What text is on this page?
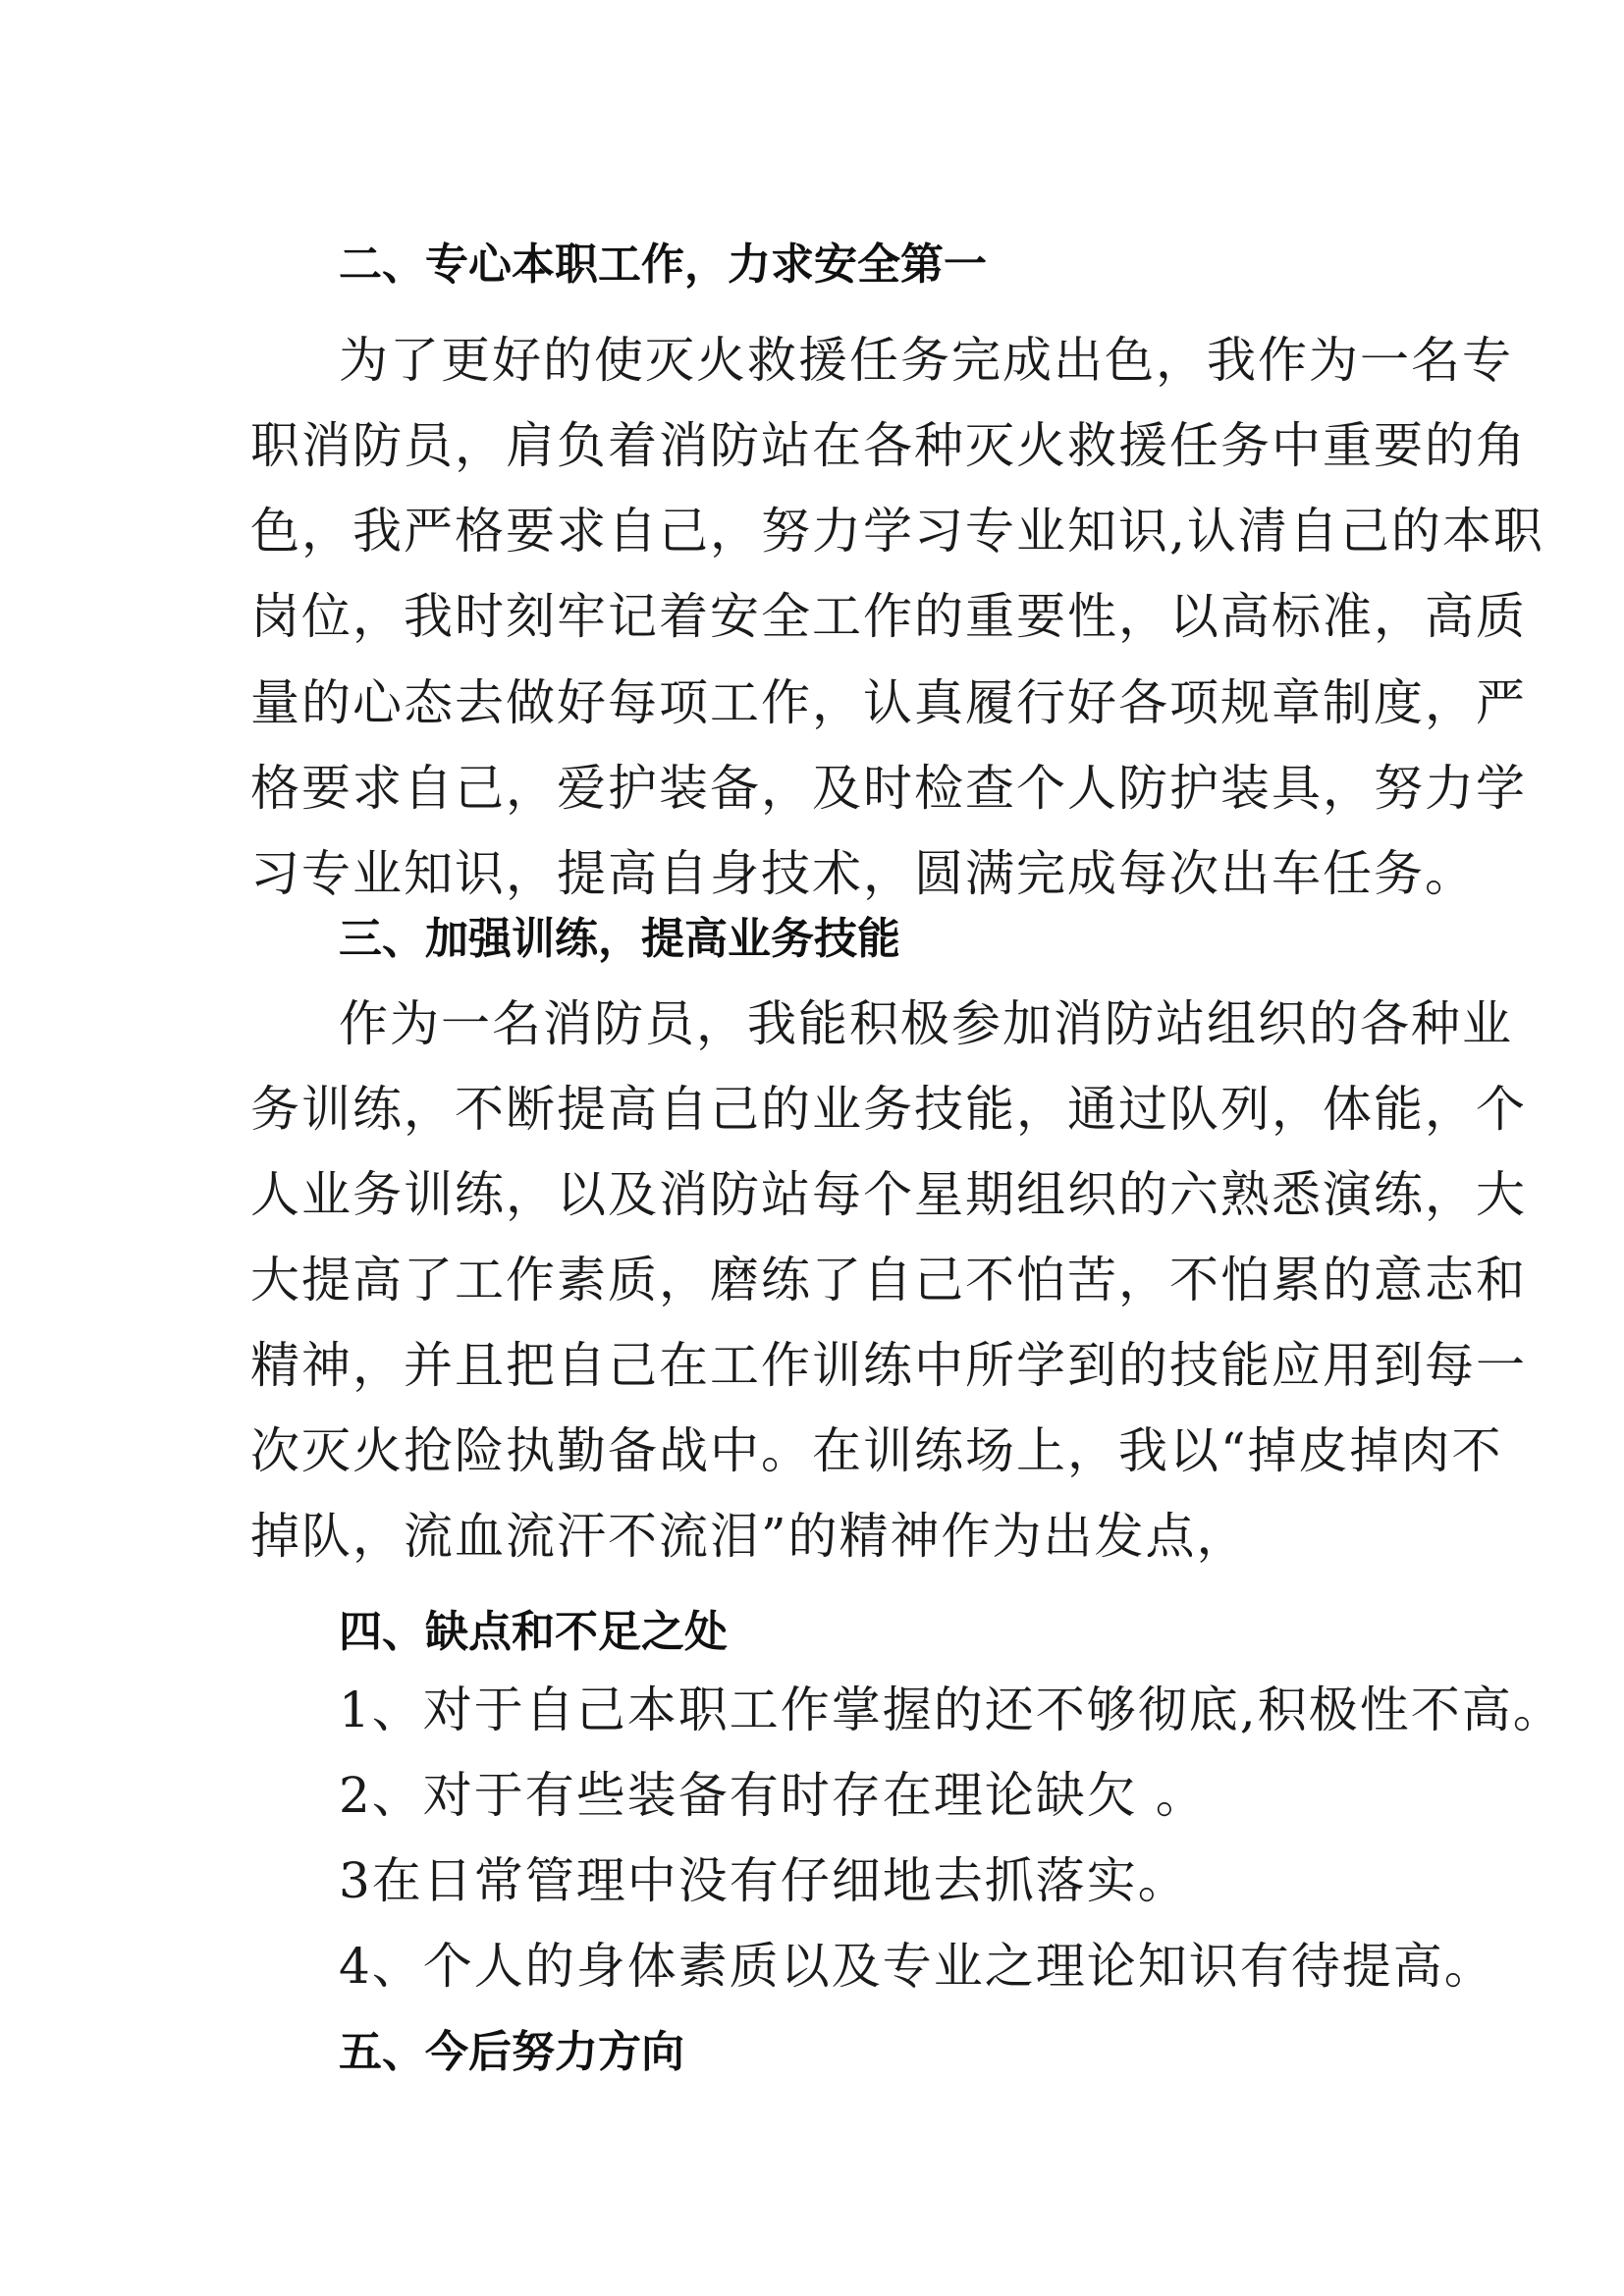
二、专心本职工作，力求安全第一
为了更好的使灭火救援任务完成出色，我作为一名专
职消防员，肩负着消防站在各种灭火救援任务中重要的角
色，我严格要求自己，努力学习专业知识,认清自己的本职
岗位，我时刻牢记着安全工作的重要性，以高标准，高质
量的心态去做好每项工作，认真履行好各项规章制度，严
格要求自己，爱护装备，及时检查个人防护装具，努力学
习专业知识，提高自身技术，圆满完成每次出车任务。
三、加强训练，提高业务技能
作为一名消防员，我能积极参加消防站组织的各种业
务训练，不断提高自己的业务技能，通过队列，体能，个
人业务训练，以及消防站每个星期组织的六熟悉演练，大
大提高了工作素质，磨练了自己不怕苦，不怕累的意志和
精神，并且把自己在工作训练中所学到的技能应用到每一
次灭火抢险执勤备战中。在训练场上，我以“掉皮掉肉不
掉队，流血流汗不流泪”的精神作为出发点，
四、缺点和不足之处
1、对于自己本职工作掌握的还不够彻底,积极性不高。
2、对于有些装备有时存在理论缺欠 。
3在日常管理中没有仔细地去抓落实。
4、个人的身体素质以及专业之理论知识有待提高。
五、今后努力方向
